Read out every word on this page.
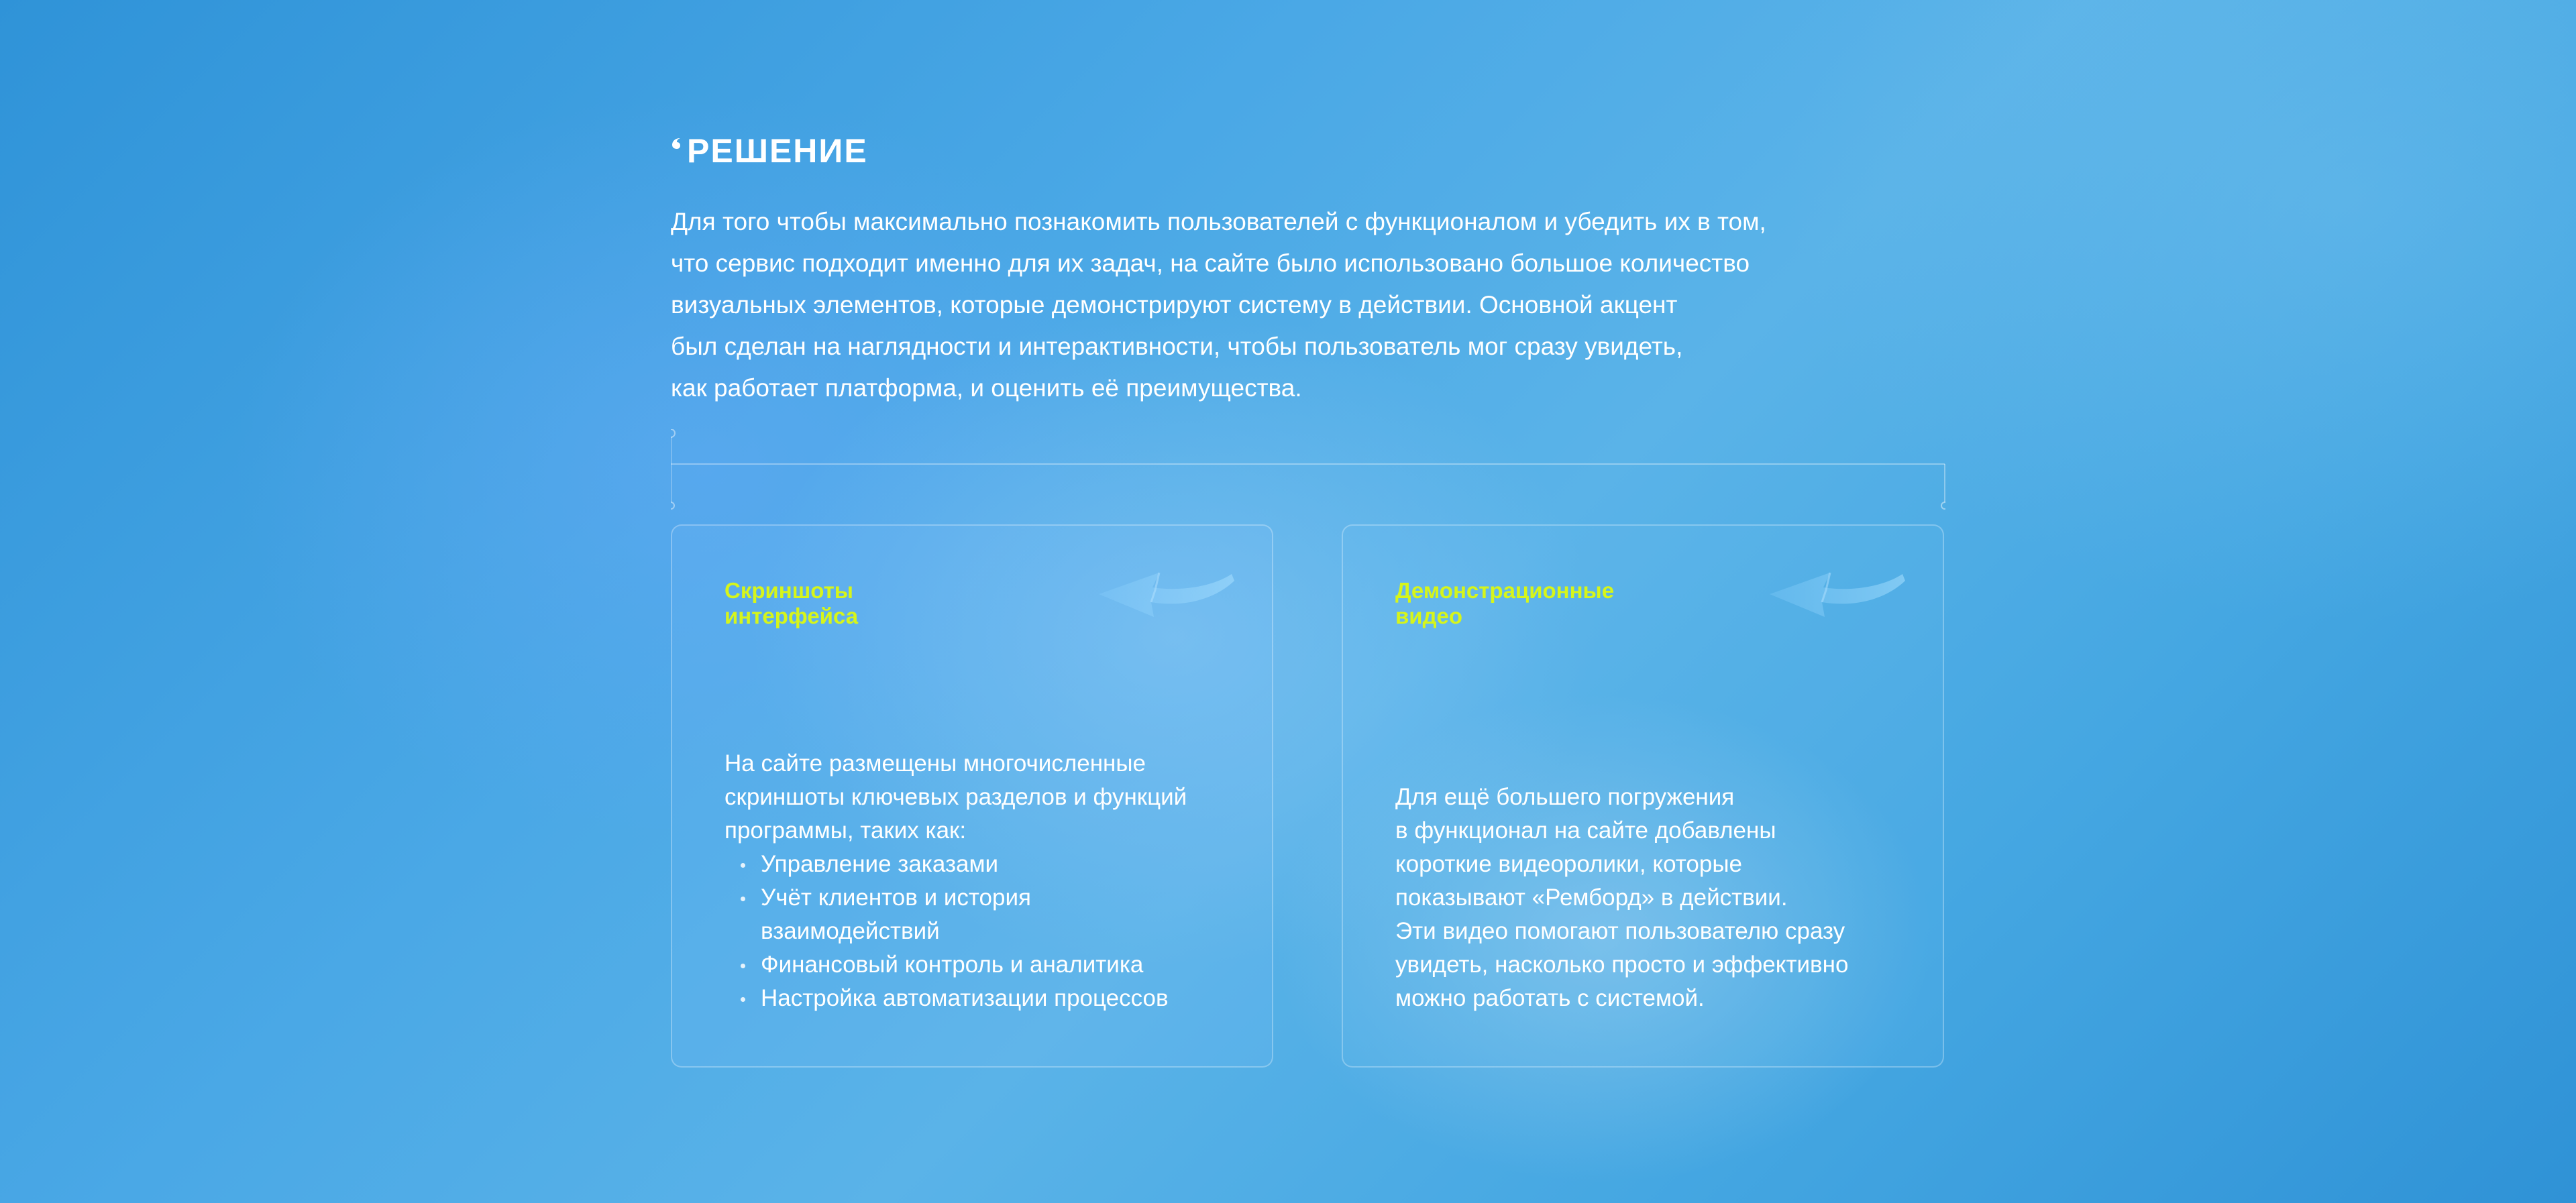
РЕШЕНИЕ

Для того чтобы максимально познакомить пользователей с функционалом и убедить их в том,

что сервис подходит именно для их задач, на сайте было использовано большое количество

визуальных элементов, которые демонстрируют систему в действии. Основной акцент

был сделан на наглядности и интерактивности, чтобы пользователь мог сразу увидеть,

как работает платформа, и оценить её преимущества.

Скриншоты
интерфейса

На сайте размещены многочисленные

скриншоты ключевых разделов и функций

программы, таких как:

Управление заказами
Учёт клиентов и история
взаимодействий
Финансовый контроль и аналитика
Настройка автоматизации процессов
Демонстрационные
видео

Для ещё большего погружения

в функционал на сайте добавлены

короткие видеоролики, которые

показывают «Ремборд» в действии.

Эти видео помогают пользователю сразу

увидеть, насколько просто и эффективно

можно работать с системой.
